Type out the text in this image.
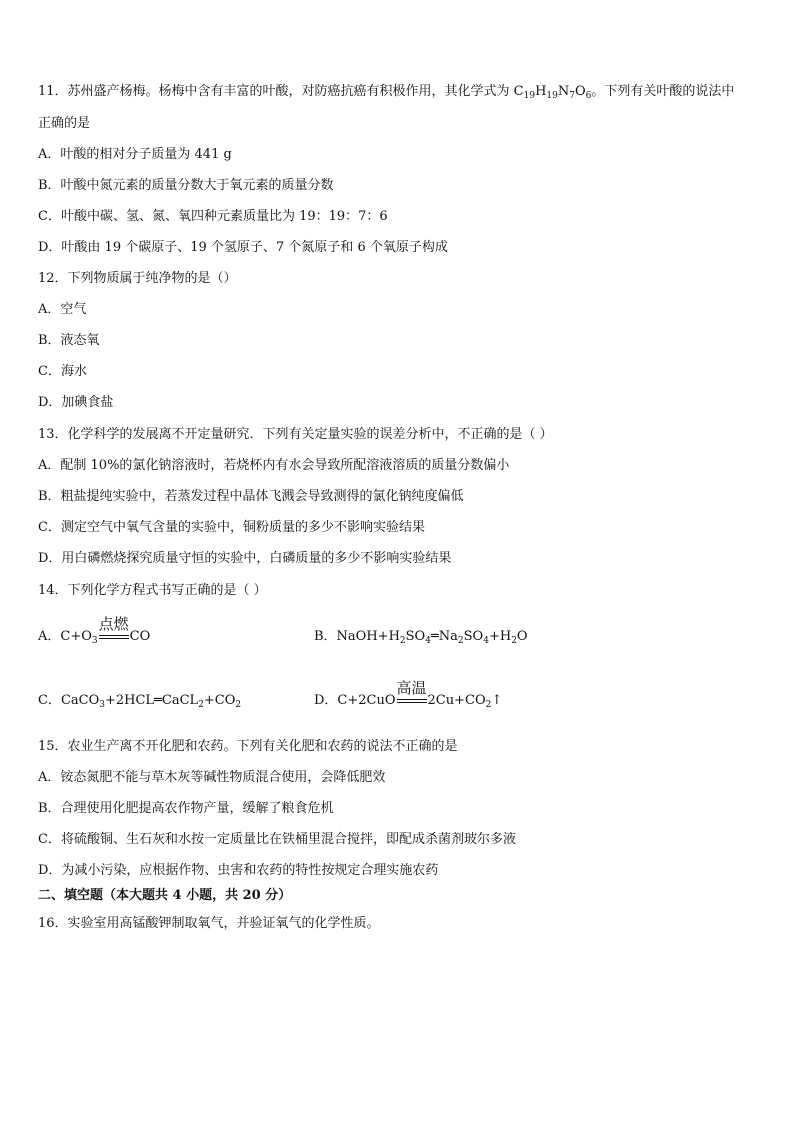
11．苏州盛产杨梅。杨梅中含有丰富的叶酸，对防癌抗癌有积极作用，其化学式为 $C_{19}H_{19}N_7O_6$。下列有关叶酸的说法中
正确的是
A．叶酸的相对分子质量为 441 g
B．叶酸中氮元素的质量分数大于氧元素的质量分数
C．叶酸中碳、氢、氮、氧四种元素质量比为 19：19：7：6
D．叶酸由 19 个碳原子、19 个氢原子、7 个氮原子和 6 个氧原子构成
12．下列物质属于纯净物的是（）
A．空气
B．液态氧
C．海水
D．加碘食盐
13．化学科学的发展离不开定量研究．下列有关定量实验的误差分析中，不正确的是（ ）
A．配制 10%的氯化钠溶液时，若烧杯内有水会导致所配溶液溶质的质量分数偏小
B．粗盐提纯实验中，若蒸发过程中晶体飞溅会导致测得的氯化钠纯度偏低
C．测定空气中氧气含量的实验中，铜粉质量的多少不影响实验结果
D．用白磷燃烧探究质量守恒的实验中，白磷质量的多少不影响实验结果
14．下列化学方程式书写正确的是（ ）
A．$C+O_3$
点燃
CO	B．$NaOH+H_2SO_4═Na_2SO_4+H_2O$
C．$CaCO_3+2HCL═CaCL_2+CO_2$	D．C+2CuO
高温
$2Cu+CO_2↑$
15．农业生产离不开化肥和农药。下列有关化肥和农药的说法不正确的是
A．铵态氮肥不能与草木灰等碱性物质混合使用，会降低肥效
B．合理使用化肥提高农作物产量，缓解了粮食危机
C．将硫酸铜、生石灰和水按一定质量比在铁桶里混合搅拌，即配成杀菌剂玻尔多液
D．为减小污染，应根据作物、虫害和农药的特性按规定合理实施农药
二、填空题（本大题共 4 小题，共 20 分）
16．实验室用高锰酸钾制取氧气，并验证氧气的化学性质。
